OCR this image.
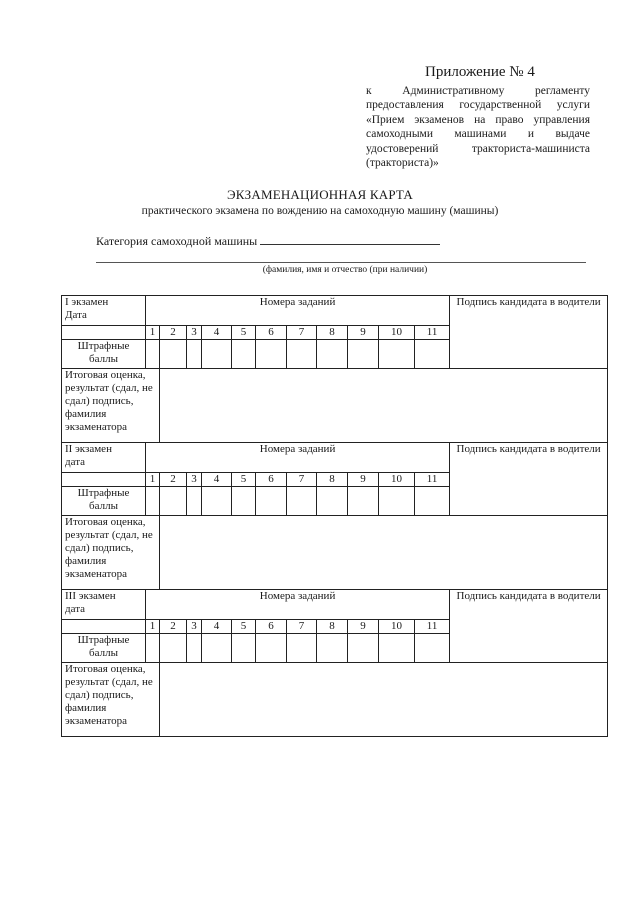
Приложение № 4
к Административному регламенту предоставления государственной услуги «Прием экзаменов на право управления самоходными машинами и выдаче удостоверений тракториста-машиниста (тракториста)»
ЭКЗАМЕНАЦИОННАЯ КАРТА
практического экзамена по вождению на самоходную машину (машины)
Категория самоходной машины
(фамилия, имя и отчество (при наличии)
I экзамен
Дата	Номера заданий											Подпись кандидата в водители
	1	2	3	4	5	6	7	8	9	10	11	
Штрафные баллы												
Итоговая оценка, результат (сдал, не сдал) подпись, фамилия экзаменатора												

II экзамен
дата	Номера заданий											Подпись кандидата в водители
	1	2	3	4	5	6	7	8	9	10	11	
Штрафные баллы												
Итоговая оценка, результат (сдал, не сдал) подпись, фамилия экзаменатора												

III экзамен
дата	Номера заданий											Подпись кандидата в водители
	1	2	3	4	5	6	7	8	9	10	11	
Штрафные баллы												
Итоговая оценка, результат (сдал, не сдал) подпись, фамилия экзаменатора												
